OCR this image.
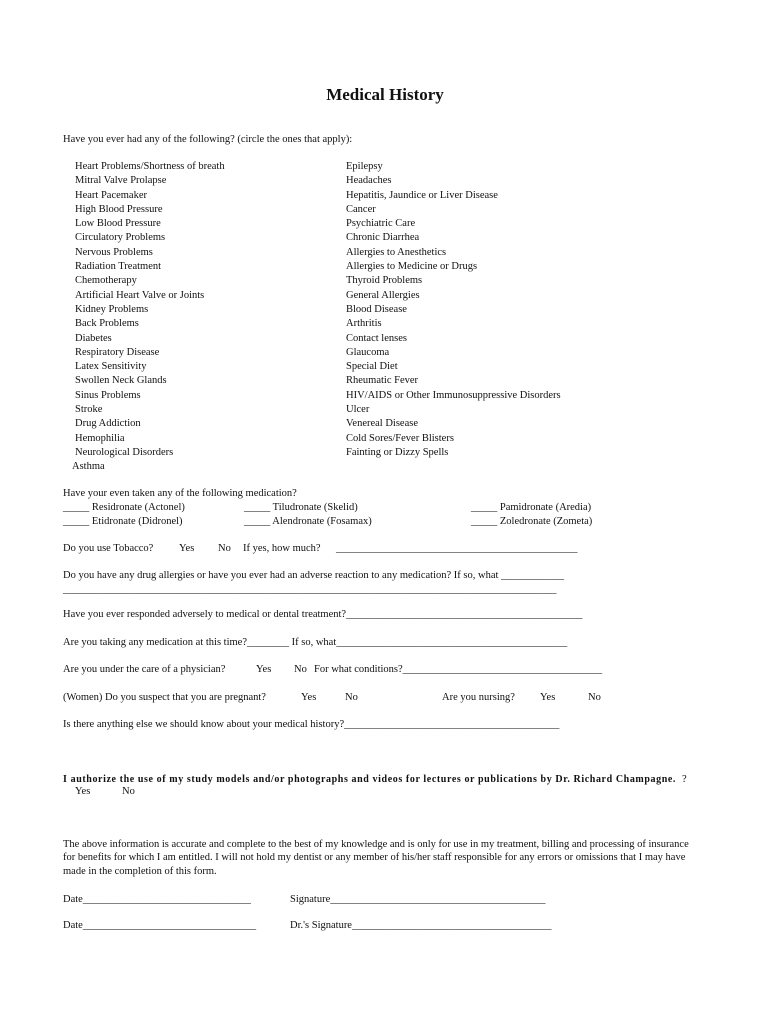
Medical History
Have you ever had any of the following? (circle the ones that apply):
Heart Problems/Shortness of breath
Mitral Valve Prolapse
Heart Pacemaker
High Blood Pressure
Low Blood Pressure
Circulatory Problems
Nervous Problems
Radiation Treatment
Chemotherapy
Artificial Heart Valve or Joints
Kidney Problems
Back Problems
Diabetes
Respiratory Disease
Latex Sensitivity
Swollen Neck Glands
Sinus Problems
Stroke
Drug Addiction
Hemophilia
Neurological Disorders
Asthma
Epilepsy
Headaches
Hepatitis, Jaundice or Liver Disease
Cancer
Psychiatric Care
Chronic Diarrhea
Allergies to Anesthetics
Allergies to Medicine or Drugs
Thyroid Problems
General Allergies
Blood Disease
Arthritis
Contact lenses
Glaucoma
Special Diet
Rheumatic Fever
HIV/AIDS or Other Immunosuppressive Disorders
Ulcer
Venereal Disease
Cold Sores/Fever Blisters
Fainting or Dizzy Spells
Have your even taken any of the following medication?
_____ Residronate (Actonel)	_____ Tiludronate (Skelid)	_____ Pamidronate (Aredia)
_____ Etidronate (Didronel)	_____ Alendronate (Fosamax)	_____ Zoledronate (Zometa)
Do you use Tobacco? Yes No If yes, how much? ______________________________________________
Do you have any drug allergies or have you ever had an adverse reaction to any medication? If so, what ____________
______________________________________________________________________________________________
Have you ever responded adversely to medical or dental treatment?_____________________________________________
Are you taking any medication at this time?________ If so, what____________________________________________
Are you under the care of a physician?	Yes No For what conditions?______________________________________
(Women) Do you suspect that you are pregnant?	Yes	No	Are you nursing? Yes	No
Is there anything else we should know about your medical history?_________________________________________
I authorize the use of my study models and/or photographs and videos for lectures or publications by Dr. Richard Champagne. ?
Yes	No
The above information is accurate and complete to the best of my knowledge and is only for use in my treatment, billing and processing of insurance for benefits for which I am entitled. I will not hold my dentist or any member of his/her staff responsible for any errors or omissions that I may have made in the completion of this form.
Date________________________________	Signature_________________________________________
Date_________________________________	Dr.'s Signature______________________________________
